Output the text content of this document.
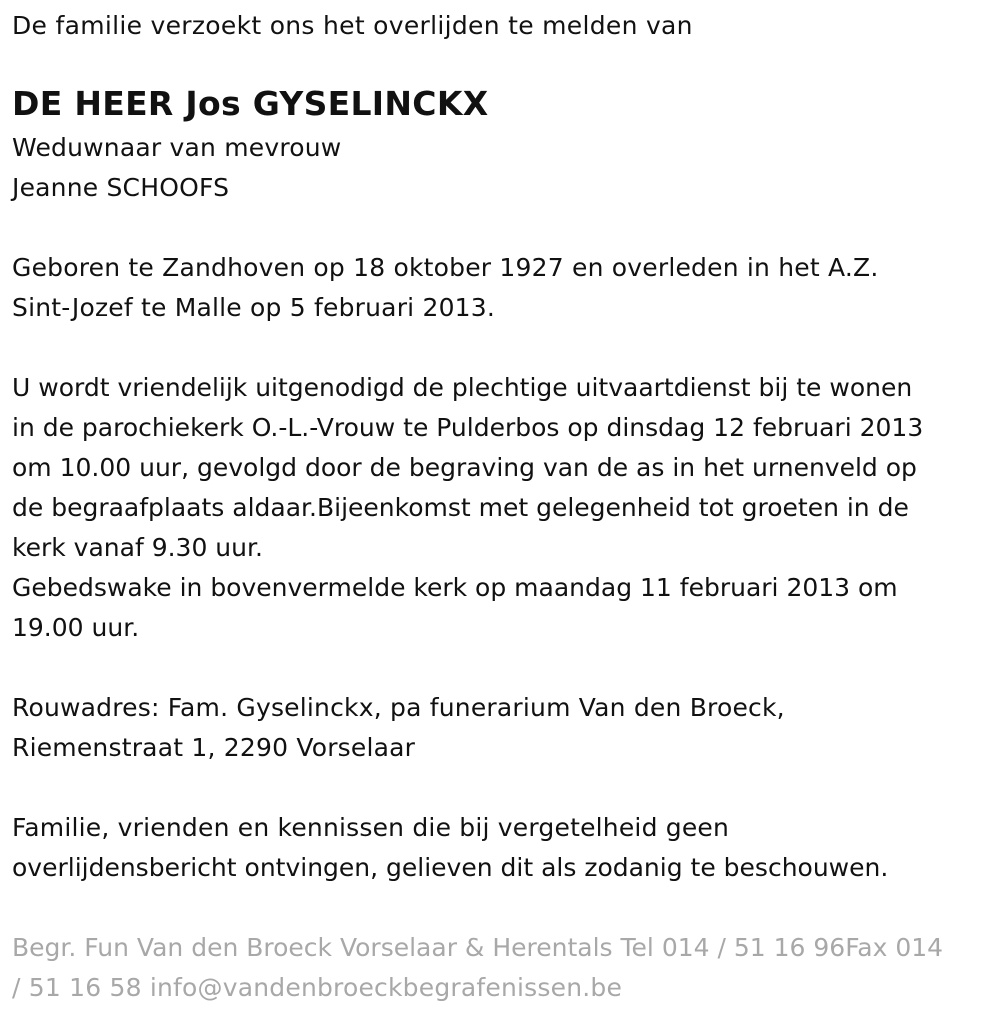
De familie verzoekt ons het overlijden te melden van
DE HEER Jos GYSELINCKX
Weduwnaar van mevrouw
Jeanne SCHOOFS
Geboren te Zandhoven op 18 oktober 1927 en overleden in het A.Z.
Sint-Jozef te Malle op 5 februari 2013.
U wordt vriendelijk uitgenodigd de plechtige uitvaartdienst bij te wonen
in de parochiekerk O.-L.-Vrouw te Pulderbos op dinsdag 12 februari 2013
om 10.00 uur, gevolgd door de begraving van de as in het urnenveld op
de begraafplaats aldaar.Bijeenkomst met gelegenheid tot groeten in de
kerk vanaf 9.30 uur.
Gebedswake in bovenvermelde kerk op maandag 11 februari 2013 om
19.00 uur.
Rouwadres: Fam. Gyselinckx, pa funerarium Van den Broeck,
Riemenstraat 1, 2290 Vorselaar
Familie, vrienden en kennissen die bij vergetelheid geen
overlijdensbericht ontvingen, gelieven dit als zodanig te beschouwen.
Begr. Fun Van den Broeck Vorselaar & Herentals Tel 014 / 51 16 96Fax 014
/ 51 16 58 info@vandenbroeckbegrafenissen.be
